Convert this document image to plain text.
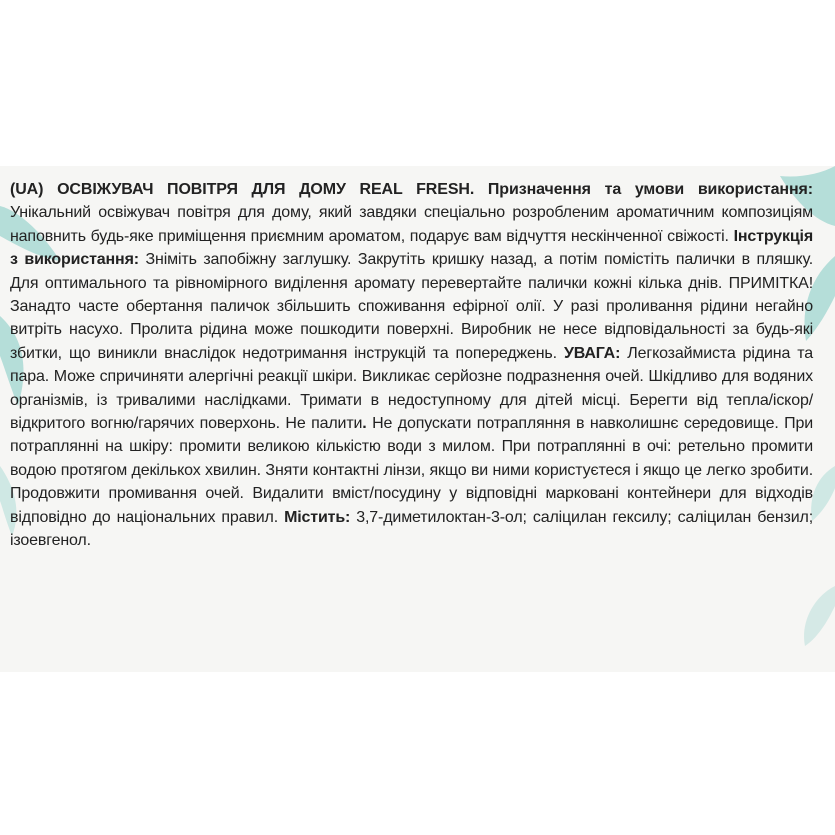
(UA) ОСВІЖУВАЧ ПОВІТРЯ ДЛЯ ДОМУ REAL FRESH. Призначення та умови використання:
Унікальний освіжувач повітря для дому, який завдяки спеціально розробленим ароматичним композиціям наповнить будь-яке приміщення приємним ароматом, подарує вам відчуття нескінченної свіжості. Інструкція з використання: Зніміть запобіжну заглушку. Закрутіть кришку назад, а потім помістіть палички в пляшку. Для оптимального та рівномірного виділення аромату перевертайте палички кожні кілька днів. ПРИМІТКА! Занадто часте обертання паличок збільшить споживання ефірної олії. У разі проливання рідини негайно витріть насухо. Пролита рідина може пошкодити поверхні. Виробник не несе відповідальності за будь-які збитки, що виникли внаслідок недотримання інструкцій та попереджень. УВАГА: Легкозаймиста рідина та пара. Може спричиняти алергічні реакції шкіри. Викликає серйозне подразнення очей. Шкідливо для водяних організмів, із тривалими наслідками. Тримати в недоступному для дітей місці. Берегти від тепла/іскор/відкритого вогню/гарячих поверхонь. Не палити. Не допускати потрапляння в навколишнє середовище. При потраплянні на шкіру: промити великою кількістю води з милом. При потраплянні в очі: ретельно промити водою протягом декількох хвилин. Зняти контактні лінзи, якщо ви ними користуєтеся і якщо це легко зробити. Продовжити промивання очей. Видалити вміст/посудину у відповідні марковані контейнери для відходів відповідно до національних правил. Містить: 3,7-диметилоктан-3-ол; саліцилан гексилу; саліцилан бензил; ізоевгенол.
